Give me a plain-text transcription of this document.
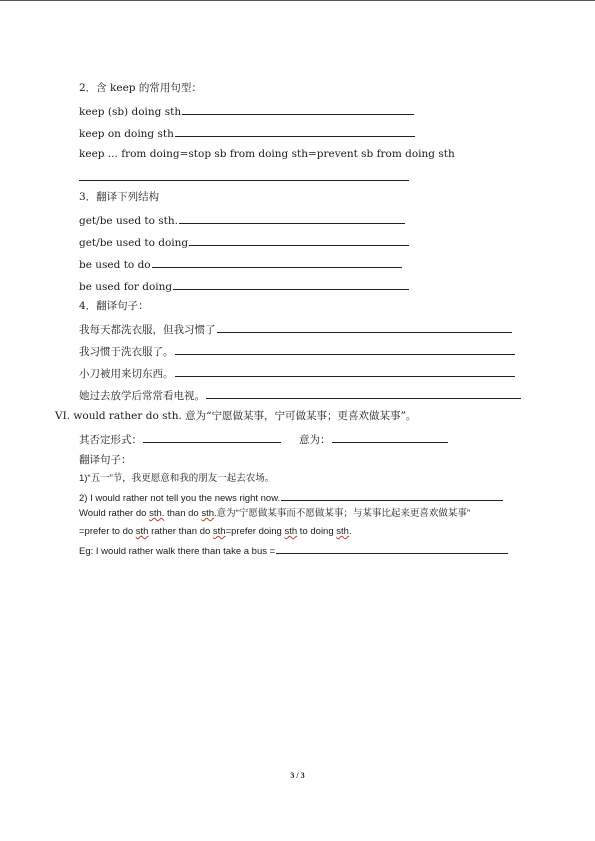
2．含 keep 的常用句型：
keep (sb) doing sth
keep on doing sth
keep ... from doing=stop sb from doing sth=prevent sb from doing sth
3．翻译下列结构
get/be used to sth.
get/be used to doing
be used to do
be used for doing
4．翻译句子：
我每天都洗衣服，但我习惯了
我习惯于洗衣服了。
小刀被用来切东西。
她过去放学后常常看电视。
VI. would rather do sth. 意为“宁愿做某事，宁可做某事；更喜欢做某事”。
其否定形式：	意为：
翻译句子：
1)“五一”节，我更愿意和我的朋友一起去农场。
2) I would rather not tell you the news right now.
Would rather do sth. than do sth.意为“宁愿做某事而不愿做某事；与某事比起来更喜欢做某事”
=prefer to do sth rather than do sth=prefer doing sth to doing sth.
Eg: I would rather walk there than take a bus =
3 / 3
